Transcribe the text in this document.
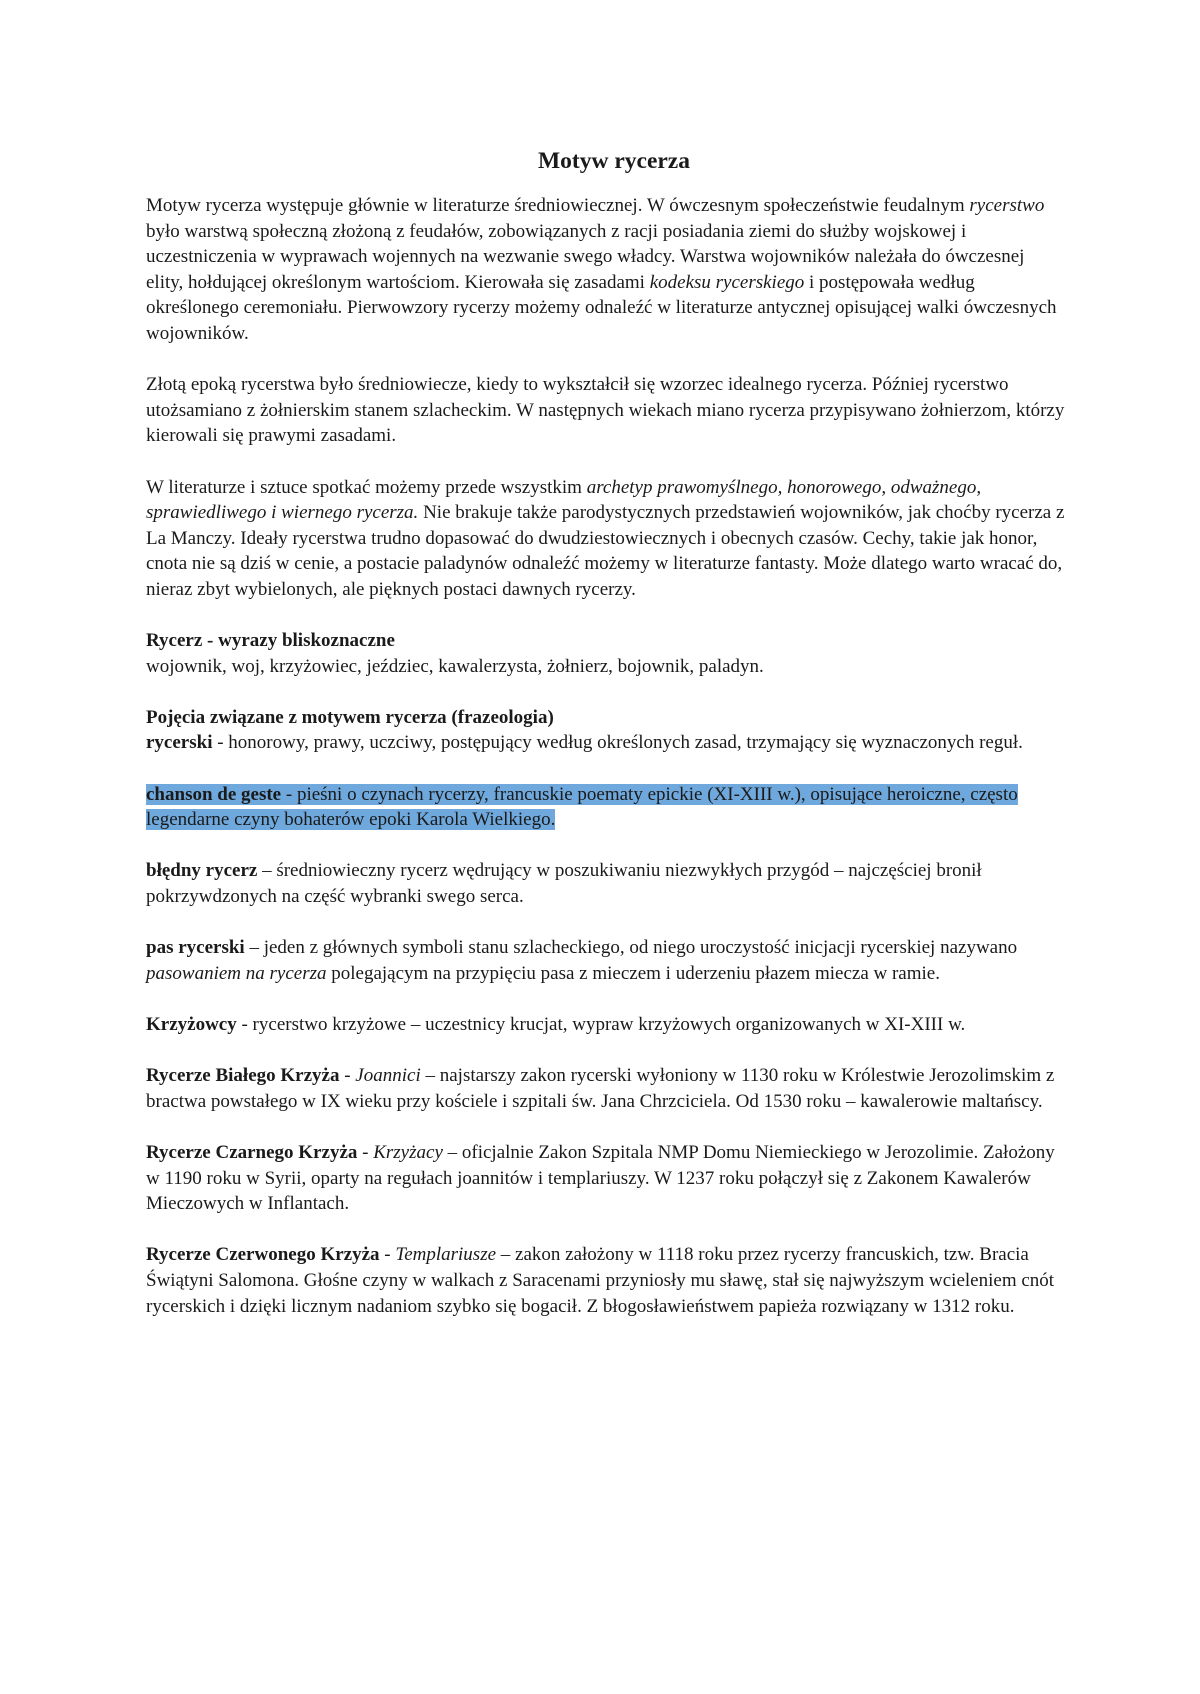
Motyw rycerza

Motyw rycerza występuje głównie w literaturze średniowiecznej. W ówczesnym społeczeństwie feudalnym rycerstwo było warstwą społeczną złożoną z feudałów, zobowiązanych z racji posiadania ziemi do służby wojskowej i uczestniczenia w wyprawach wojennych na wezwanie swego władcy. Warstwa wojowników należała do ówczesnej elity, hołdującej określonym wartościom. Kierowała się zasadami kodeksu rycerskiego i postępowała według określonego ceremoniału. Pierwowzory rycerzy możemy odnaleźć w literaturze antycznej opisującej walki ówczesnych wojowników.

Złotą epoką rycerstwa było średniowiecze, kiedy to wykształcił się wzorzec idealnego rycerza. Później rycerstwo utożsamiano z żołnierskim stanem szlacheckim. W następnych wiekach miano rycerza przypisywano żołnierzom, którzy kierowali się prawymi zasadami.

W literaturze i sztuce spotkać możemy przede wszystkim archetyp prawomyślnego, honorowego, odważnego, sprawiedliwego i wiernego rycerza. Nie brakuje także parodystycznych przedstawień wojowników, jak choćby rycerza z La Manczy. Ideały rycerstwa trudno dopasować do dwudziestowiecznych i obecnych czasów. Cechy, takie jak honor, cnota nie są dziś w cenie, a postacie paladynów odnaleźć możemy w literaturze fantasty. Może dlatego warto wracać do, nieraz zbyt wybielonych, ale pięknych postaci dawnych rycerzy.

Rycerz - wyrazy bliskoznaczne

wojownik, woj, krzyżowiec, jeździec, kawalerzysta, żołnierz, bojownik, paladyn.

Pojęcia związane z motywem rycerza (frazeologia)

rycerski - honorowy, prawy, uczciwy, postępujący według określonych zasad, trzymający się wyznaczonych reguł.

chanson de geste - pieśni o czynach rycerzy, francuskie poematy epickie (XI-XIII w.), opisujące heroiczne, często legendarne czyny bohaterów epoki Karola Wielkiego.

błędny rycerz – średniowieczny rycerz wędrujący w poszukiwaniu niezwykłych przygód – najczęściej bronił pokrzywdzonych na część wybranki swego serca.

pas rycerski – jeden z głównych symboli stanu szlacheckiego, od niego uroczystość inicjacji rycerskiej nazywano pasowaniem na rycerza polegającym na przypięciu pasa z mieczem i uderzeniu płazem miecza w ramie.

Krzyżowcy - rycerstwo krzyżowe – uczestnicy krucjat, wypraw krzyżowych organizowanych w XI-XIII w.

Rycerze Białego Krzyża - Joannici – najstarszy zakon rycerski wyłoniony w 1130 roku w Królestwie Jerozolimskim z bractwa powstałego w IX wieku przy kościele i szpitali św. Jana Chrzciciela. Od 1530 roku – kawalerowie maltańscy.

Rycerze Czarnego Krzyża - Krzyżacy – oficjalnie Zakon Szpitala NMP Domu Niemieckiego w Jerozolimie. Założony w 1190 roku w Syrii, oparty na regułach joannitów i templariuszy. W 1237 roku połączył się z Zakonem Kawalerów Mieczowych w Inflantach.

Rycerze Czerwonego Krzyża - Templariusze – zakon założony w 1118 roku przez rycerzy francuskich, tzw. Bracia Świątyni Salomona. Głośne czyny w walkach z Saracenami przyniosły mu sławę, stał się najwyższym wcieleniem cnót rycerskich i dzięki licznym nadaniom szybko się bogacił. Z błogosławieństwem papieża rozwiązany w 1312 roku.
